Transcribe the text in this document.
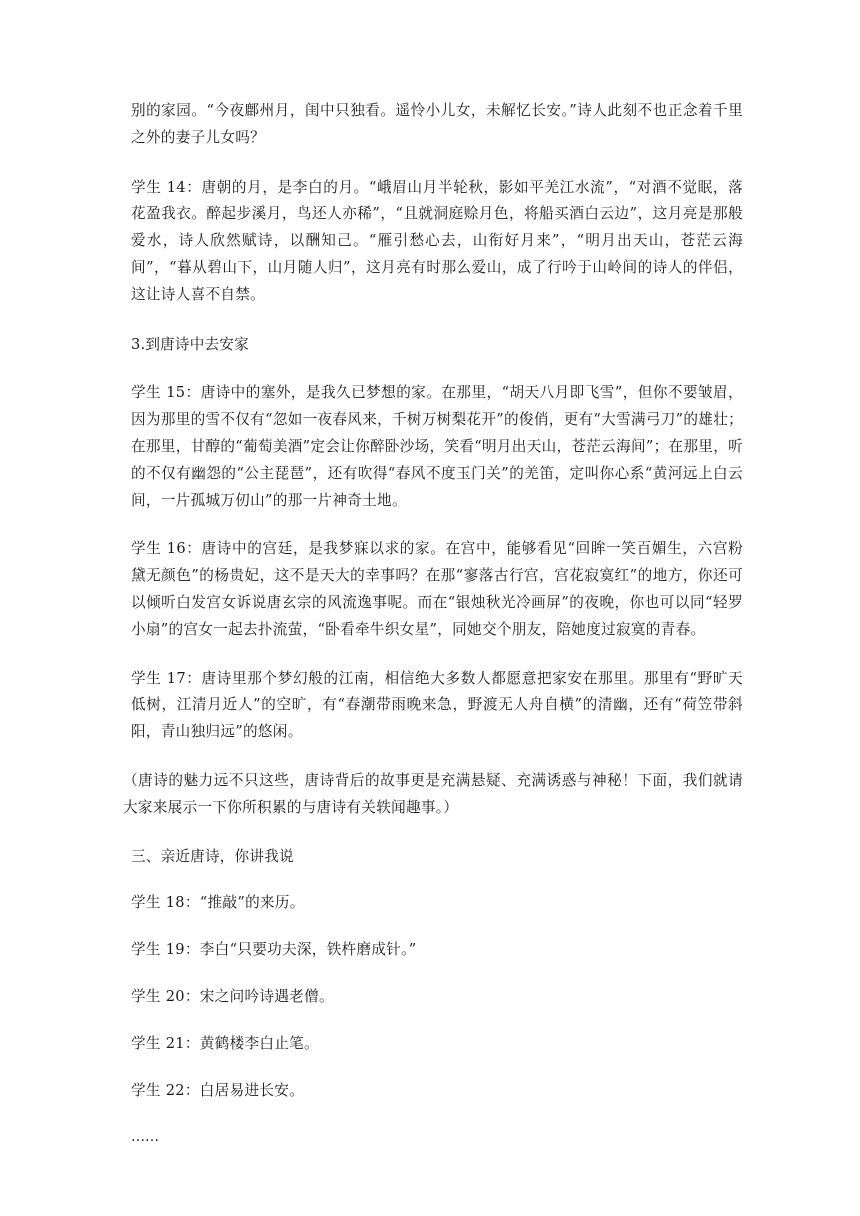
别的家园。“今夜鄜州月，闺中只独看。遥怜小儿女，未解忆长安。”诗人此刻不也正念着千里之外的妻子儿女吗？

学生 14：唐朝的月，是李白的月。“峨眉山月半轮秋，影如平羌江水流”，“对酒不觉眠，落花盈我衣。醉起步溪月，鸟还人亦稀”，“且就洞庭赊月色，将船买酒白云边”，这月亮是那般爱水，诗人欣然赋诗，以酬知己。“雁引愁心去，山衔好月来”，“明月出天山，苍茫云海间”，“暮从碧山下，山月随人归”，这月亮有时那么爱山，成了行吟于山岭间的诗人的伴侣，这让诗人喜不自禁。

3.到唐诗中去安家

学生 15：唐诗中的塞外，是我久已梦想的家。在那里，“胡天八月即飞雪”，但你不要皱眉，因为那里的雪不仅有“忽如一夜春风来，千树万树梨花开”的俊俏，更有“大雪满弓刀”的雄壮；在那里，甘醇的“葡萄美酒”定会让你醉卧沙场，笑看“明月出天山，苍茫云海间”；在那里，听的不仅有幽怨的“公主琵琶”，还有吹得“春风不度玉门关”的羌笛，定叫你心系“黄河远上白云间，一片孤城万仞山”的那一片神奇土地。

学生 16：唐诗中的宫廷，是我梦寐以求的家。在宫中，能够看见“回眸一笑百媚生，六宫粉黛无颜色”的杨贵妃，这不是天大的幸事吗？在那“寥落古行宫，宫花寂寞红”的地方，你还可以倾听白发宫女诉说唐玄宗的风流逸事呢。而在“银烛秋光冷画屏”的夜晚，你也可以同“轻罗小扇”的宫女一起去扑流萤，“卧看牵牛织女星”，同她交个朋友，陪她度过寂寞的青春。

学生 17：唐诗里那个梦幻般的江南，相信绝大多数人都愿意把家安在那里。那里有“野旷天低树，江清月近人”的空旷，有“春潮带雨晚来急，野渡无人舟自横”的清幽，还有“荷笠带斜阳，青山独归远”的悠闲。

（唐诗的魅力远不只这些，唐诗背后的故事更是充满悬疑、充满诱惑与神秘！下面，我们就请大家来展示一下你所积累的与唐诗有关轶闻趣事。）

三、亲近唐诗，你讲我说

学生 18：“推敲”的来历。

学生 19：李白“只要功夫深，铁杵磨成针。”

学生 20：宋之问吟诗遇老僧。

学生 21：黄鹤楼李白止笔。

学生 22：白居易进长安。

……
